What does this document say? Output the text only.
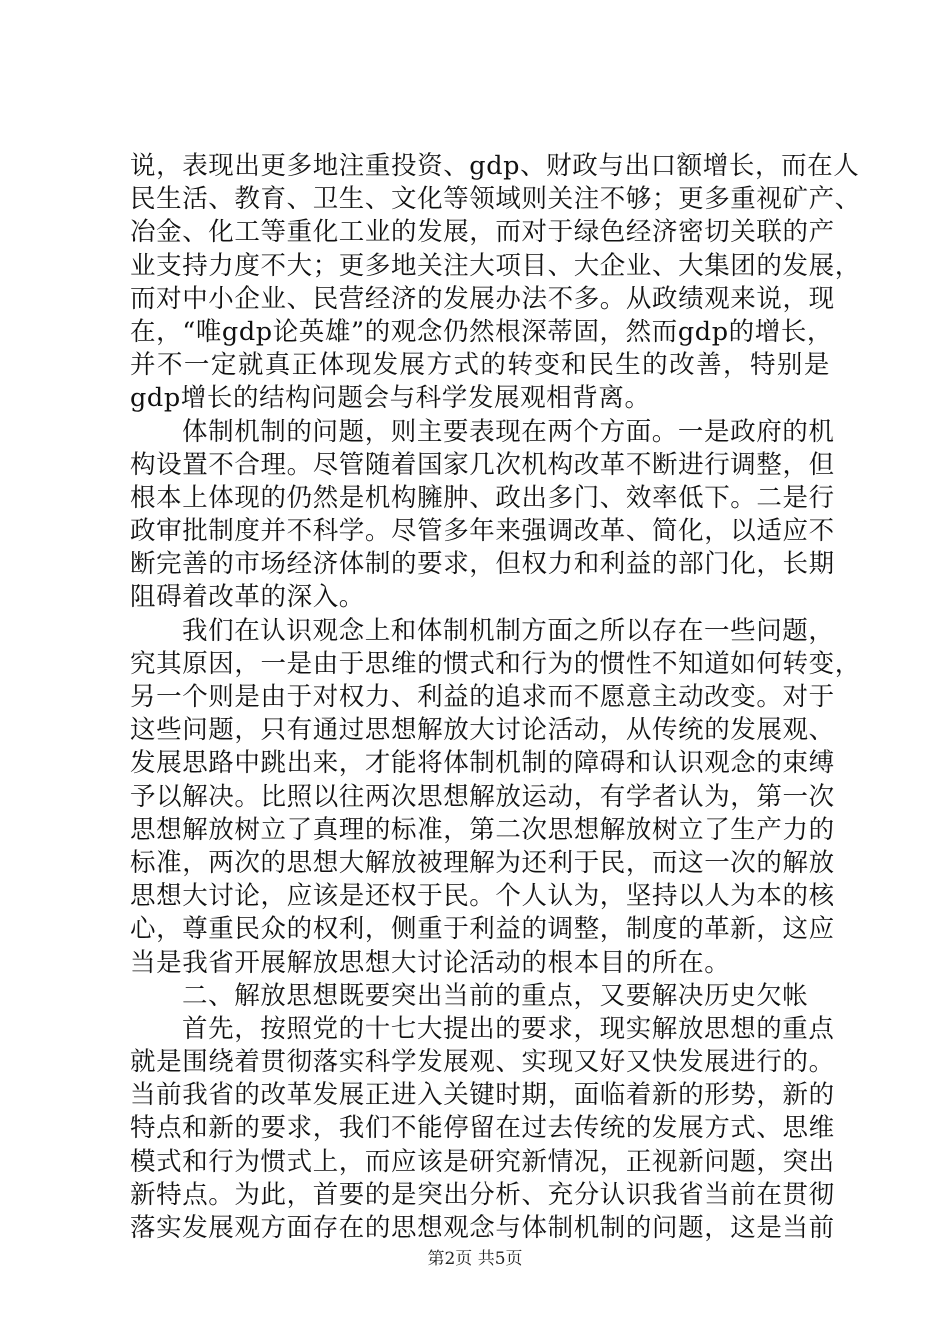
说，表现出更多地注重投资、gdp、财政与出口额增长，而在人
民生活、教育、卫生、文化等领域则关注不够；更多重视矿产、
冶金、化工等重化工业的发展，而对于绿色经济密切关联的产
业支持力度不大；更多地关注大项目、大企业、大集团的发展，
而对中小企业、民营经济的发展办法不多。从政绩观来说，现
在，“唯gdp论英雄”的观念仍然根深蒂固，然而gdp的增长，
并不一定就真正体现发展方式的转变和民生的改善，特别是
gdp增长的结构问题会与科学发展观相背离。
体制机制的问题，则主要表现在两个方面。一是政府的机
构设置不合理。尽管随着国家几次机构改革不断进行调整，但
根本上体现的仍然是机构臃肿、政出多门、效率低下。二是行
政审批制度并不科学。尽管多年来强调改革、简化，以适应不
断完善的市场经济体制的要求，但权力和利益的部门化，长期
阻碍着改革的深入。
我们在认识观念上和体制机制方面之所以存在一些问题，
究其原因，一是由于思维的惯式和行为的惯性不知道如何转变，
另一个则是由于对权力、利益的追求而不愿意主动改变。对于
这些问题，只有通过思想解放大讨论活动，从传统的发展观、
发展思路中跳出来，才能将体制机制的障碍和认识观念的束缚
予以解决。比照以往两次思想解放运动，有学者认为，第一次
思想解放树立了真理的标准，第二次思想解放树立了生产力的
标准，两次的思想大解放被理解为还利于民，而这一次的解放
思想大讨论，应该是还权于民。个人认为，坚持以人为本的核
心，尊重民众的权利，侧重于利益的调整，制度的革新，这应
当是我省开展解放思想大讨论活动的根本目的所在。
二、解放思想既要突出当前的重点，又要解决历史欠帐
首先，按照党的十七大提出的要求，现实解放思想的重点
就是围绕着贯彻落实科学发展观、实现又好又快发展进行的。
当前我省的改革发展正进入关键时期，面临着新的形势，新的
特点和新的要求，我们不能停留在过去传统的发展方式、思维
模式和行为惯式上，而应该是研究新情况，正视新问题，突出
新特点。为此，首要的是突出分析、充分认识我省当前在贯彻
落实发展观方面存在的思想观念与体制机制的问题，这是当前
第2页 共5页
